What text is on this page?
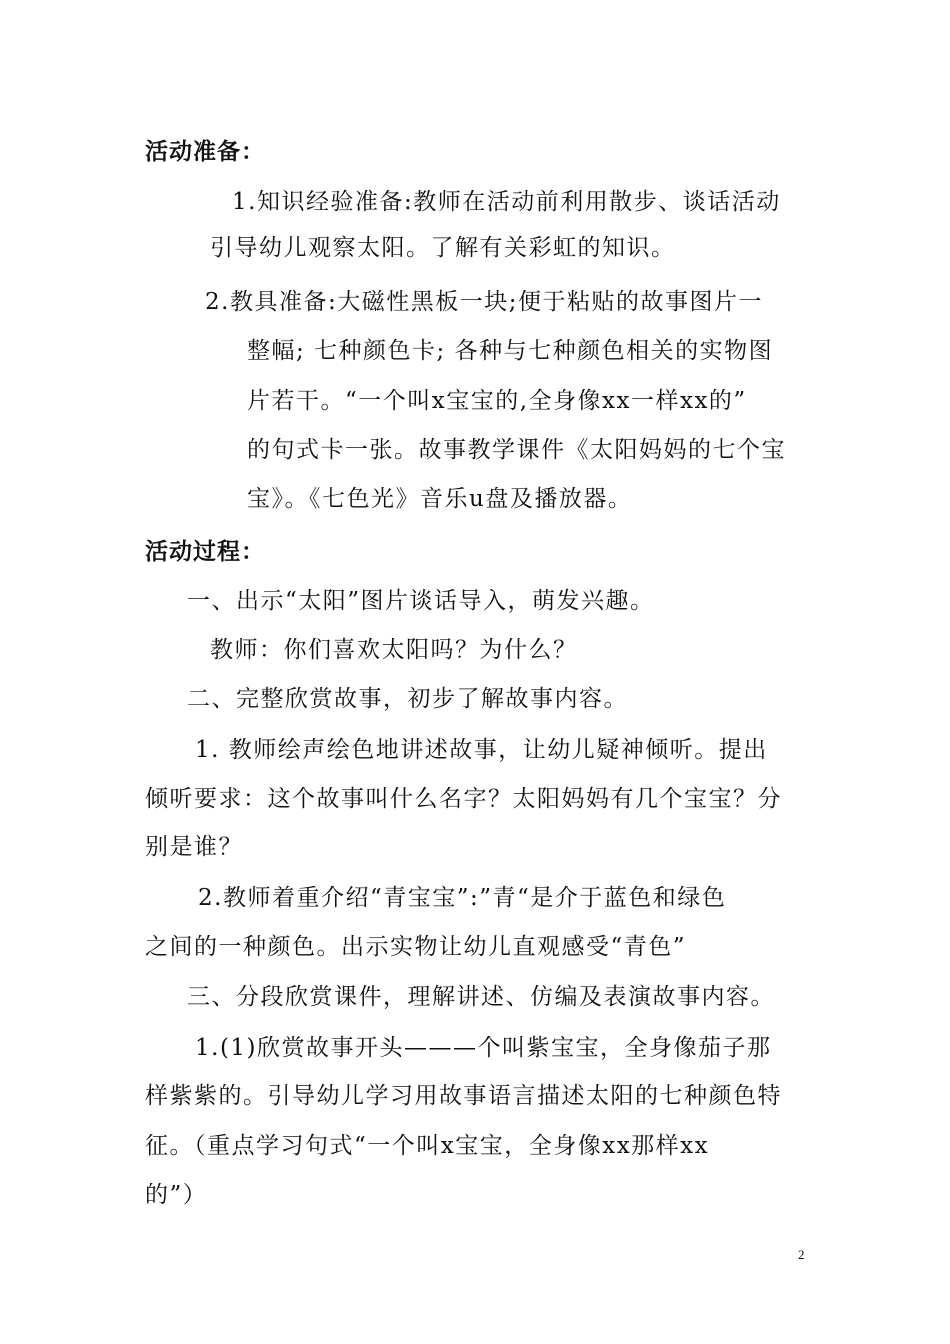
活动准备：
1.知识经验准备:教师在活动前利用散步、谈话活动
引导幼儿观察太阳。了解有关彩虹的知识。
2.教具准备:大磁性黑板一块;便于粘贴的故事图片一
整幅; 七种颜色卡; 各种与七种颜色相关的实物图
片若干。“一个叫x宝宝的,全身像xx一样xx的”
的句式卡一张。故事教学课件《太阳妈妈的七个宝
宝》。《七色光》音乐u盘及播放器。
活动过程：
一、出示“太阳”图片谈话导入，萌发兴趣。
教师：你们喜欢太阳吗？为什么？
二、完整欣赏故事，初步了解故事内容。
1. 教师绘声绘色地讲述故事，让幼儿疑神倾听。提出
倾听要求：这个故事叫什么名字？太阳妈妈有几个宝宝？分
别是谁？
2.教师着重介绍“青宝宝”:”青“是介于蓝色和绿色
之间的一种颜色。出示实物让幼儿直观感受“青色”
三、分段欣赏课件，理解讲述、仿编及表演故事内容。
1.(1)欣赏故事开头———个叫紫宝宝，全身像茄子那
样紫紫的。引导幼儿学习用故事语言描述太阳的七种颜色特
征。（重点学习句式“一个叫x宝宝，全身像xx那样xx
的”）
2
